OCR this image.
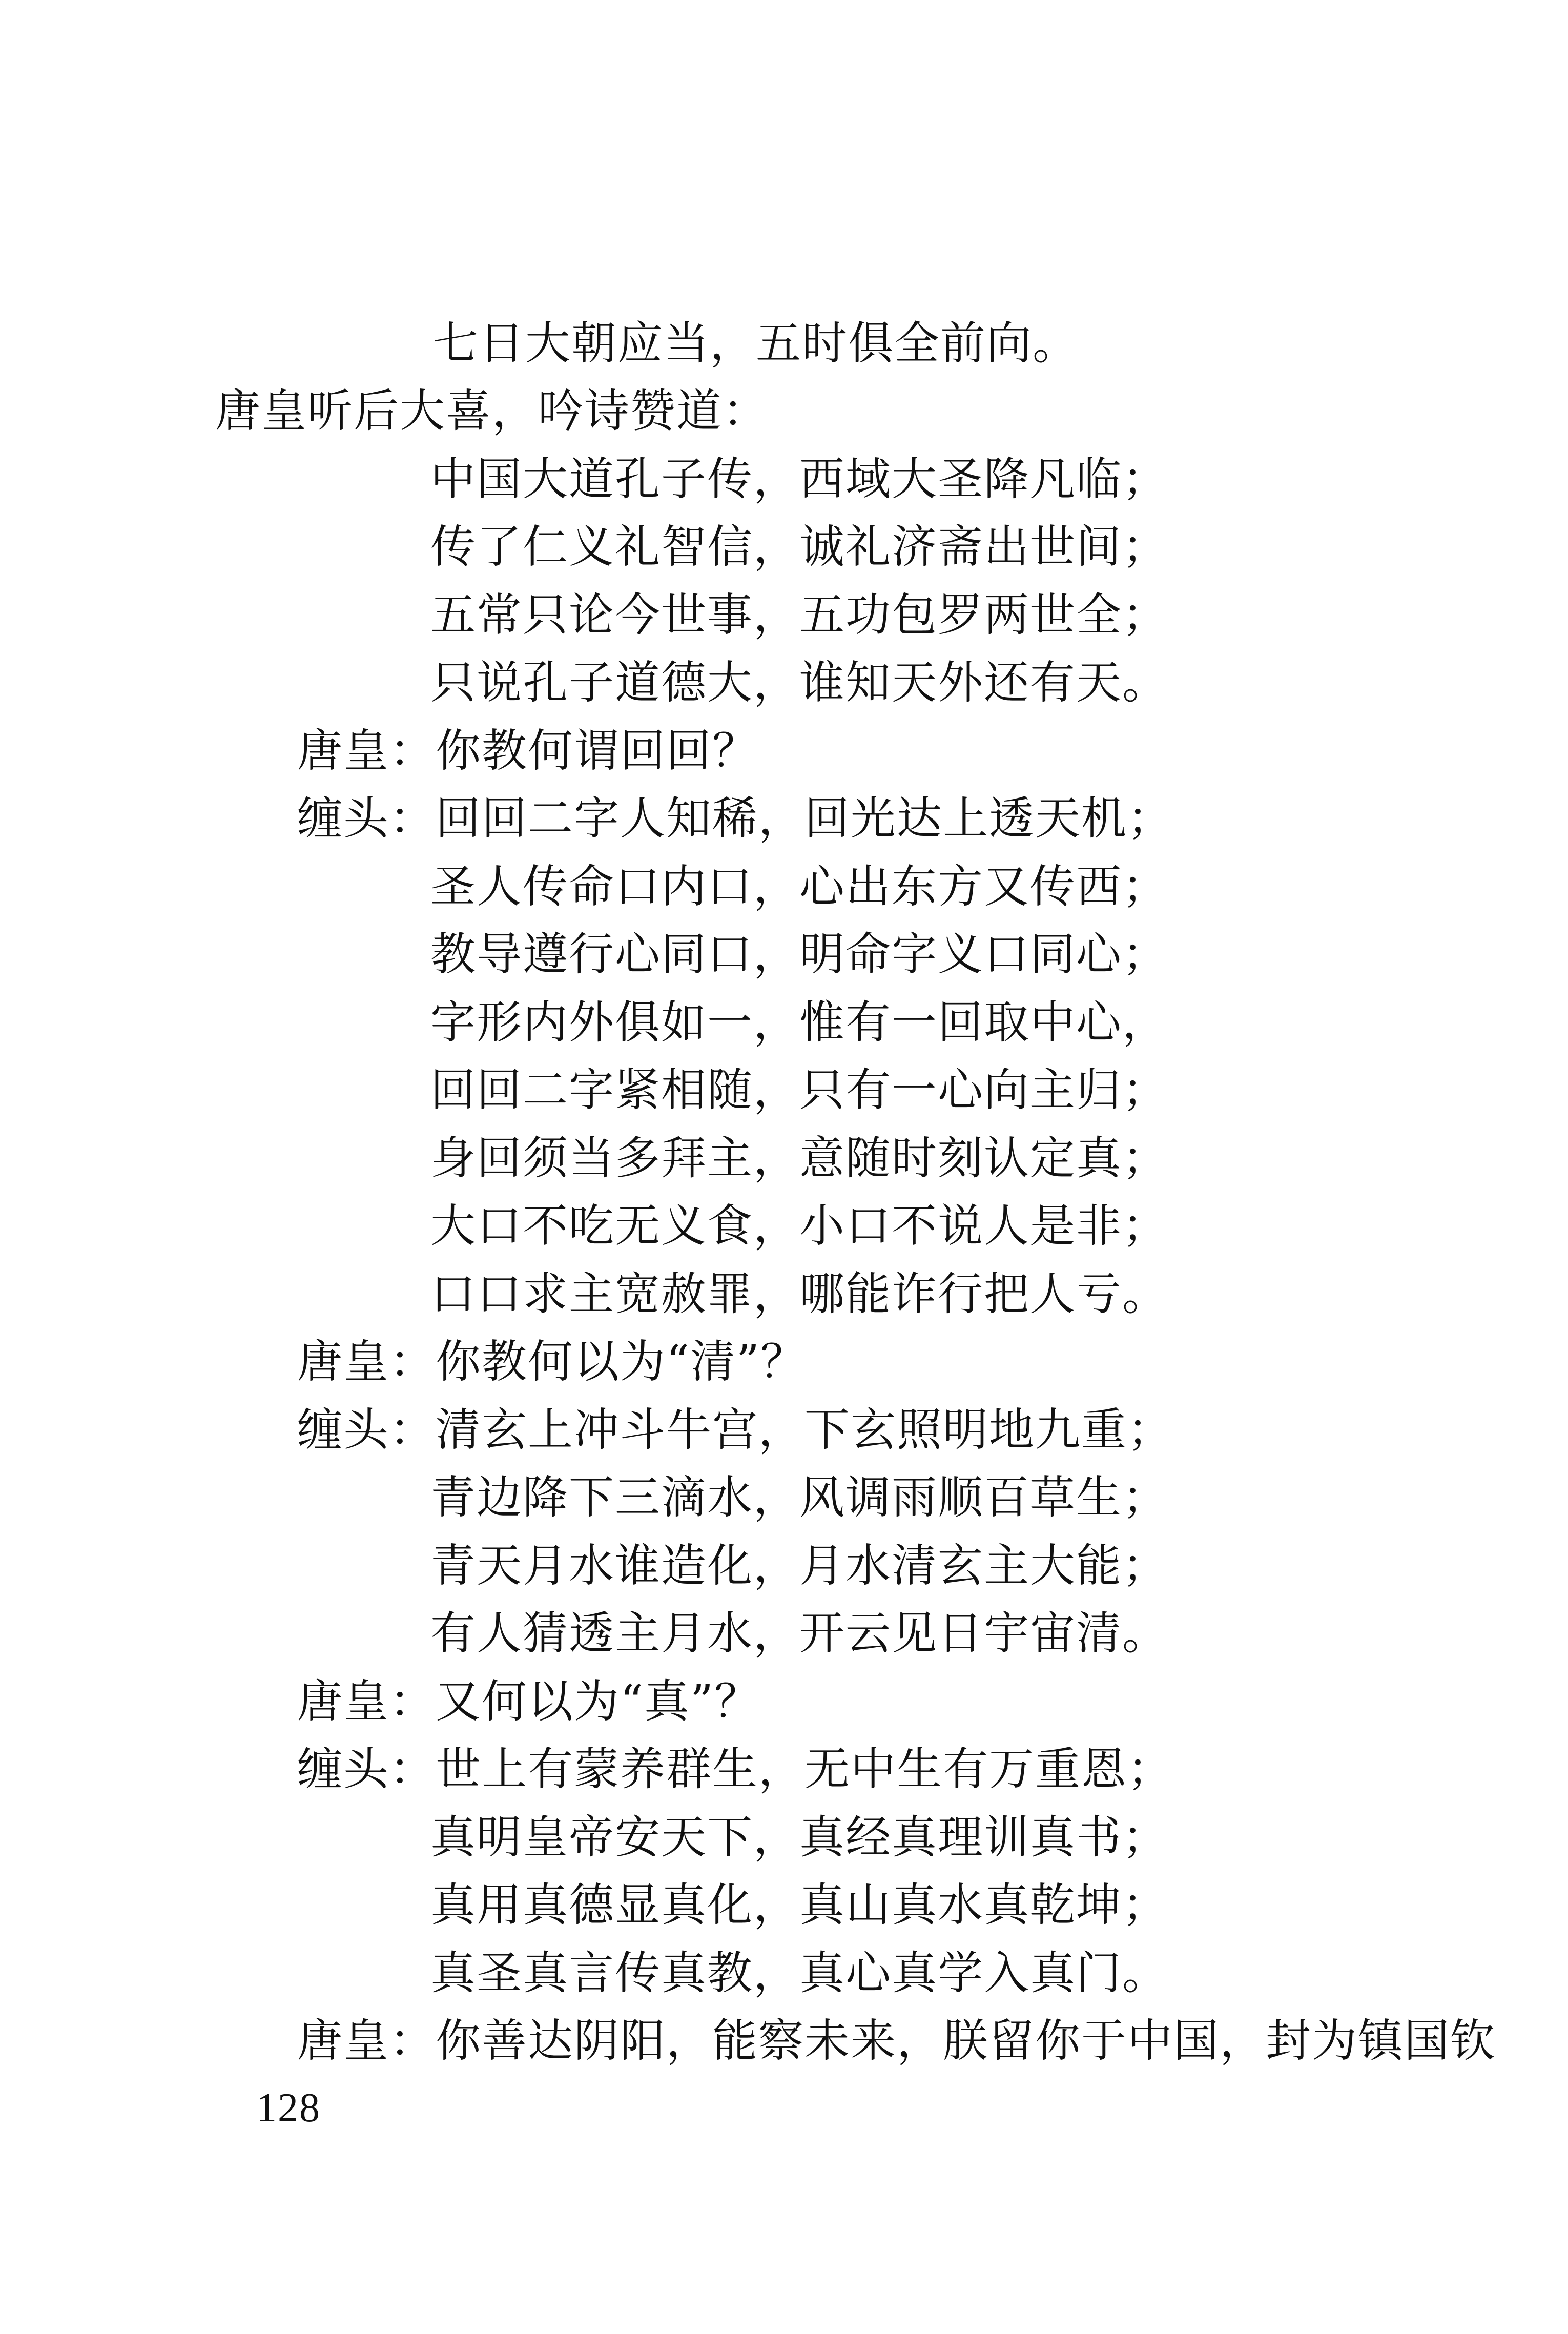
七日大朝应当，五时俱全前向。
唐皇听后大喜，吟诗赞道：
中国大道孔子传，西域大圣降凡临；
传了仁义礼智信，诚礼济斋出世间；
五常只论今世事，五功包罗两世全；
只说孔子道德大，谁知天外还有天。
唐皇：你教何谓回回？
缠头：回回二字人知稀，回光达上透天机；
圣人传命口内口，心出东方又传西；
教导遵行心同口，明命字义口同心；
字形内外俱如一，惟有一回取中心，
回回二字紧相随，只有一心向主归；
身回须当多拜主，意随时刻认定真；
大口不吃无义食，小口不说人是非；
口口求主宽赦罪，哪能诈行把人亏。
唐皇：你教何以为“清”？
缠头：清玄上冲斗牛宫，下玄照明地九重；
青边降下三滴水，风调雨顺百草生；
青天月水谁造化，月水清玄主大能；
有人猜透主月水，开云见日宇宙清。
唐皇：又何以为“真”？
缠头：世上有蒙养群生，无中生有万重恩；
真明皇帝安天下，真经真理训真书；
真用真德显真化，真山真水真乾坤；
真圣真言传真教，真心真学入真门。
唐皇：你善达阴阳，能察未来，朕留你于中国，封为镇国钦
128
